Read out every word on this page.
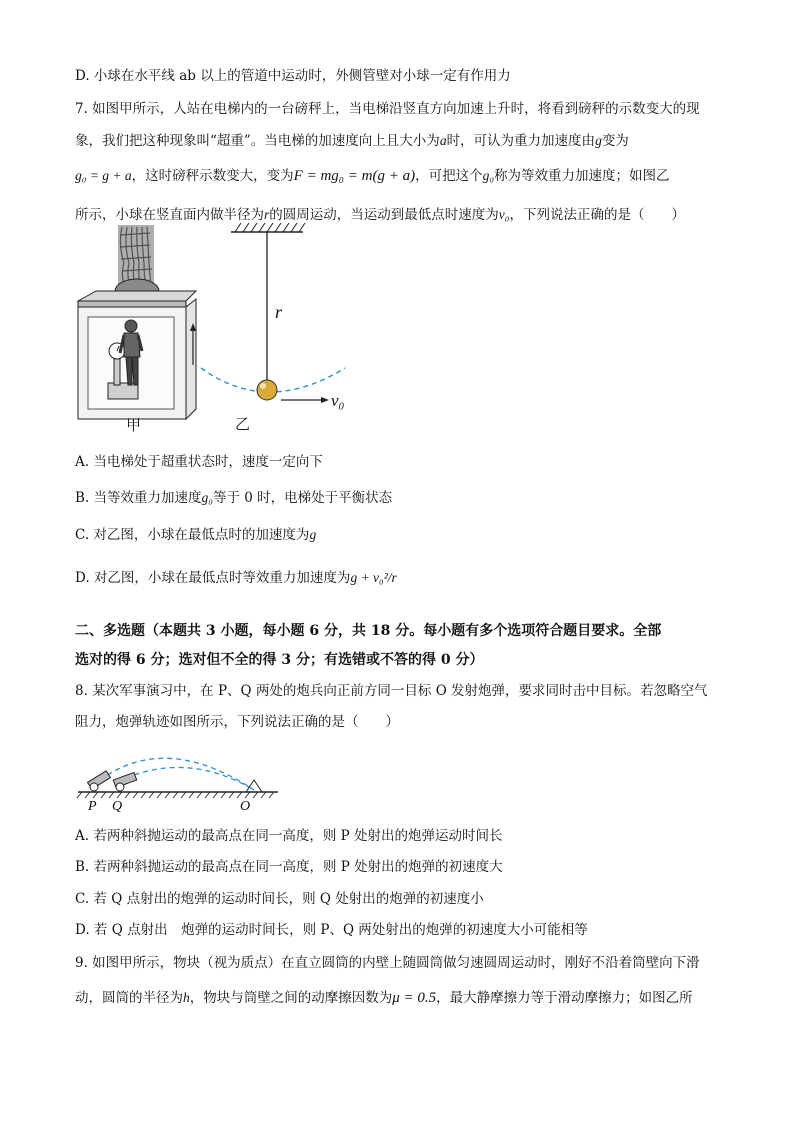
D. 小球在水平线 ab 以上的管道中运动时，外侧管壁对小球一定有作用力
7. 如图甲所示，人站在电梯内的一台磅秤上，当电梯沿竖直方向加速上升时，将看到磅秤的示数变大的现
象，我们把这种现象叫“超重”。当电梯的加速度向上且大小为a时，可认为重力加速度由g变为
g₀ = g + a，这时磅秤示数变大，变为F = mg₀ = m(g + a)，可把这个g₀称为等效重力加速度；如图乙
所示，小球在竖直面内做半径为r的圆周运动，当运动到最低点时速度为v₀，下列说法正确的是（　　）
甲
r
v₀
乙
A. 当电梯处于超重状态时，速度一定向下
B. 当等效重力加速度g₀等于 0 时，电梯处于平衡状态
C. 对乙图，小球在最低点时的加速度为g
D. 对乙图，小球在最低点时等效重力加速度为g + v₀²/r
二、多选题（本题共 3 小题，每小题 6 分，共 18 分。每小题有多个选项符合题目要求。全部
选对的得 6 分；选对但不全的得 3 分；有选错或不答的得 0 分）
8. 某次军事演习中，在 P、Q 两处的炮兵向正前方同一目标 O 发射炮弹，要求同时击中目标。若忽略空气
阻力，炮弹轨迹如图所示，下列说法正确的是（　　）
P Q	O
A. 若两种斜抛运动的最高点在同一高度，则 P 处射出的炮弹运动时间长
B. 若两种斜抛运动的最高点在同一高度，则 P 处射出的炮弹的初速度大
C. 若 Q 点射出的炮弹的运动时间长，则 Q 处射出的炮弹的初速度小
D. 若 Q 点射出　炮弹的运动时间长，则 P、Q 两处射出的炮弹的初速度大小可能相等
9. 如图甲所示，物块（视为质点）在直立圆筒的内壁上随圆筒做匀速圆周运动时，刚好不沿着筒壁向下滑
动，圆筒的半径为h，物块与筒壁之间的动摩擦因数为μ = 0.5，最大静摩擦力等于滑动摩擦力；如图乙所
